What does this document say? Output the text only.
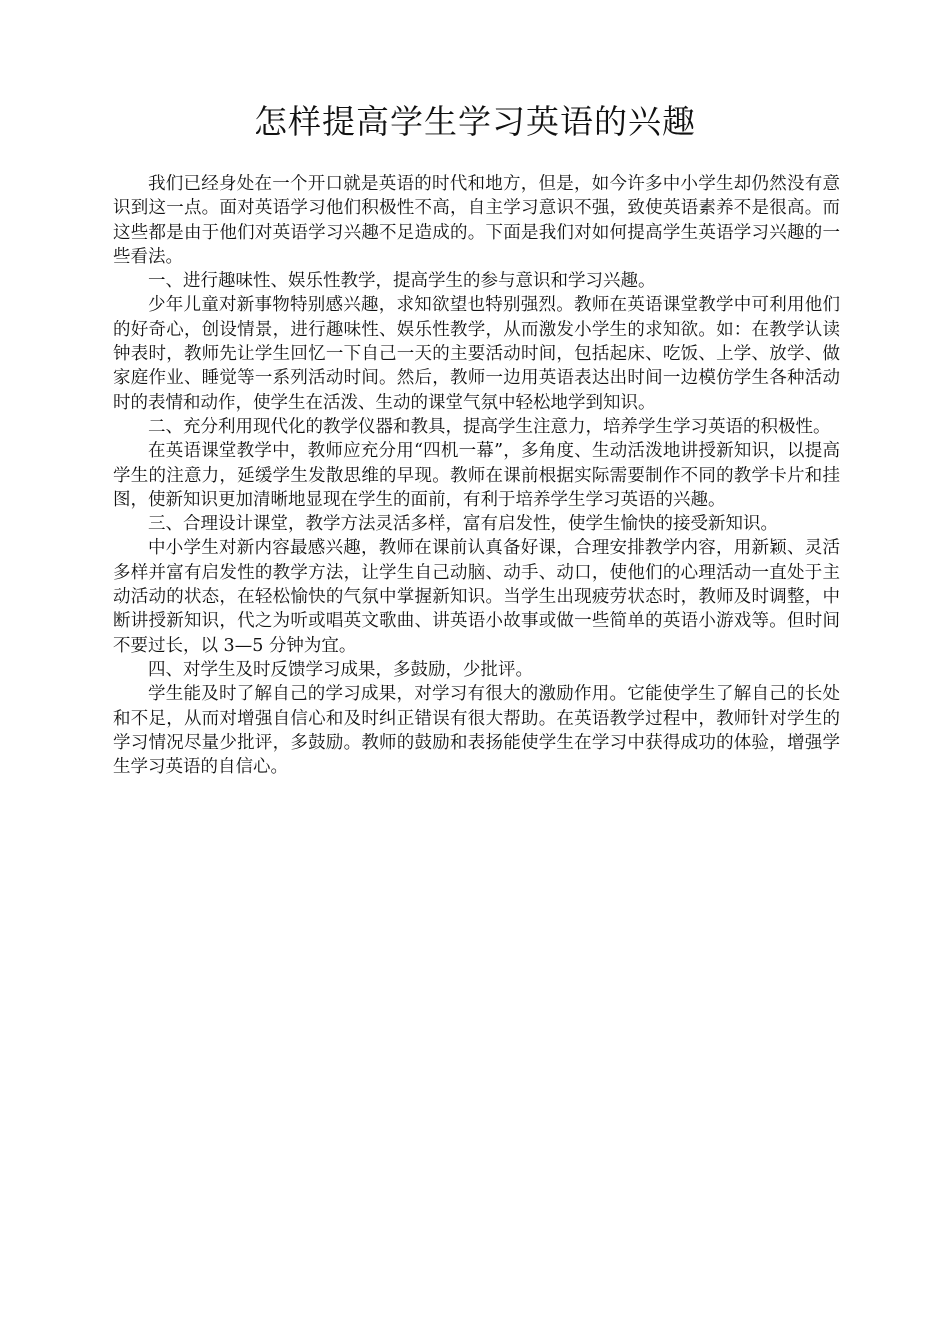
怎样提高学生学习英语的兴趣

我们已经身处在一个开口就是英语的时代和地方，但是，如今许多中小学生却仍然没有意识到这一点。面对英语学习他们积极性不高，自主学习意识不强，致使英语素养不是很高。而这些都是由于他们对英语学习兴趣不足造成的。下面是我们对如何提高学生英语学习兴趣的一些看法。

一、进行趣味性、娱乐性教学，提高学生的参与意识和学习兴趣。

少年儿童对新事物特别感兴趣，求知欲望也特别强烈。教师在英语课堂教学中可利用他们的好奇心，创设情景，进行趣味性、娱乐性教学，从而激发小学生的求知欲。如：在教学认读钟表时，教师先让学生回忆一下自己一天的主要活动时间，包括起床、吃饭、上学、放学、做家庭作业、睡觉等一系列活动时间。然后，教师一边用英语表达出时间一边模仿学生各种活动时的表情和动作，使学生在活泼、生动的课堂气氛中轻松地学到知识。

二、充分利用现代化的教学仪器和教具，提高学生注意力，培养学生学习英语的积极性。

在英语课堂教学中，教师应充分用“四机一幕”，多角度、生动活泼地讲授新知识，以提高学生的注意力，延缓学生发散思维的早现。教师在课前根据实际需要制作不同的教学卡片和挂图，使新知识更加清晰地显现在学生的面前，有利于培养学生学习英语的兴趣。

三、合理设计课堂，教学方法灵活多样，富有启发性，使学生愉快的接受新知识。

中小学生对新内容最感兴趣，教师在课前认真备好课，合理安排教学内容，用新颖、灵活多样并富有启发性的教学方法，让学生自己动脑、动手、动口，使他们的心理活动一直处于主动活动的状态，在轻松愉快的气氛中掌握新知识。当学生出现疲劳状态时，教师及时调整，中断讲授新知识，代之为听或唱英文歌曲、讲英语小故事或做一些简单的英语小游戏等。但时间不要过长，以 3—5 分钟为宜。

四、对学生及时反馈学习成果，多鼓励，少批评。

学生能及时了解自己的学习成果，对学习有很大的激励作用。它能使学生了解自己的长处和不足，从而对增强自信心和及时纠正错误有很大帮助。在英语教学过程中，教师针对学生的学习情况尽量少批评，多鼓励。教师的鼓励和表扬能使学生在学习中获得成功的体验，增强学生学习英语的自信心。
